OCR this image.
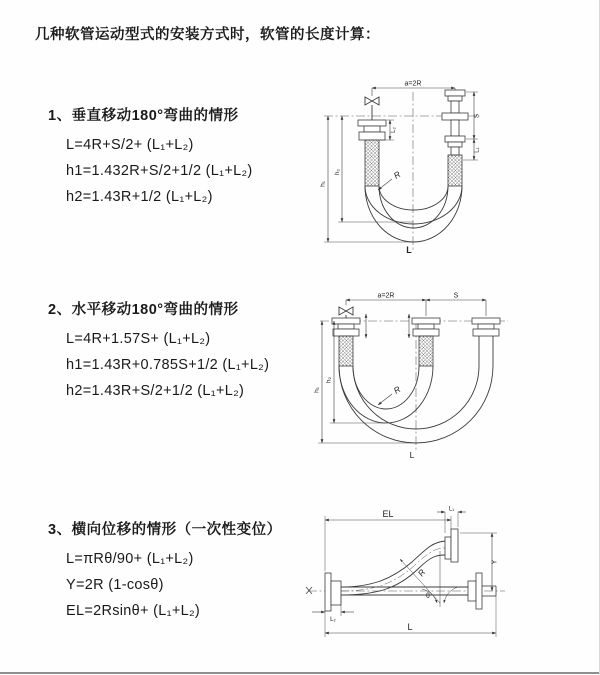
几种软管运动型式的安装方式时，软管的长度计算：
1、垂直移动180°弯曲的情形
L=4R+S/2+ (L₁+L₂)
h1=1.432R+S/2+1/2 (L₁+L₂)
h2=1.43R+1/2 (L₁+L₂)
2、水平移动180°弯曲的情形
L=4R+1.57S+ (L₁+L₂)
h1=1.43R+0.785S+1/2 (L₁+L₂)
h2=1.43R+S/2+1/2 (L₁+L₂)
3、横向位移的情形（一次性变位）
L=πRθ/90+ (L₁+L₂)
Y=2R (1-cosθ)
EL=2Rsinθ+ (L₁+L₂)
a=2R
h₁
h₂
L₂
S
L₁
R
L
a=2R	S
h₁
h₂
R
L
EL	L₁
Y
R
θ
L₂
L
